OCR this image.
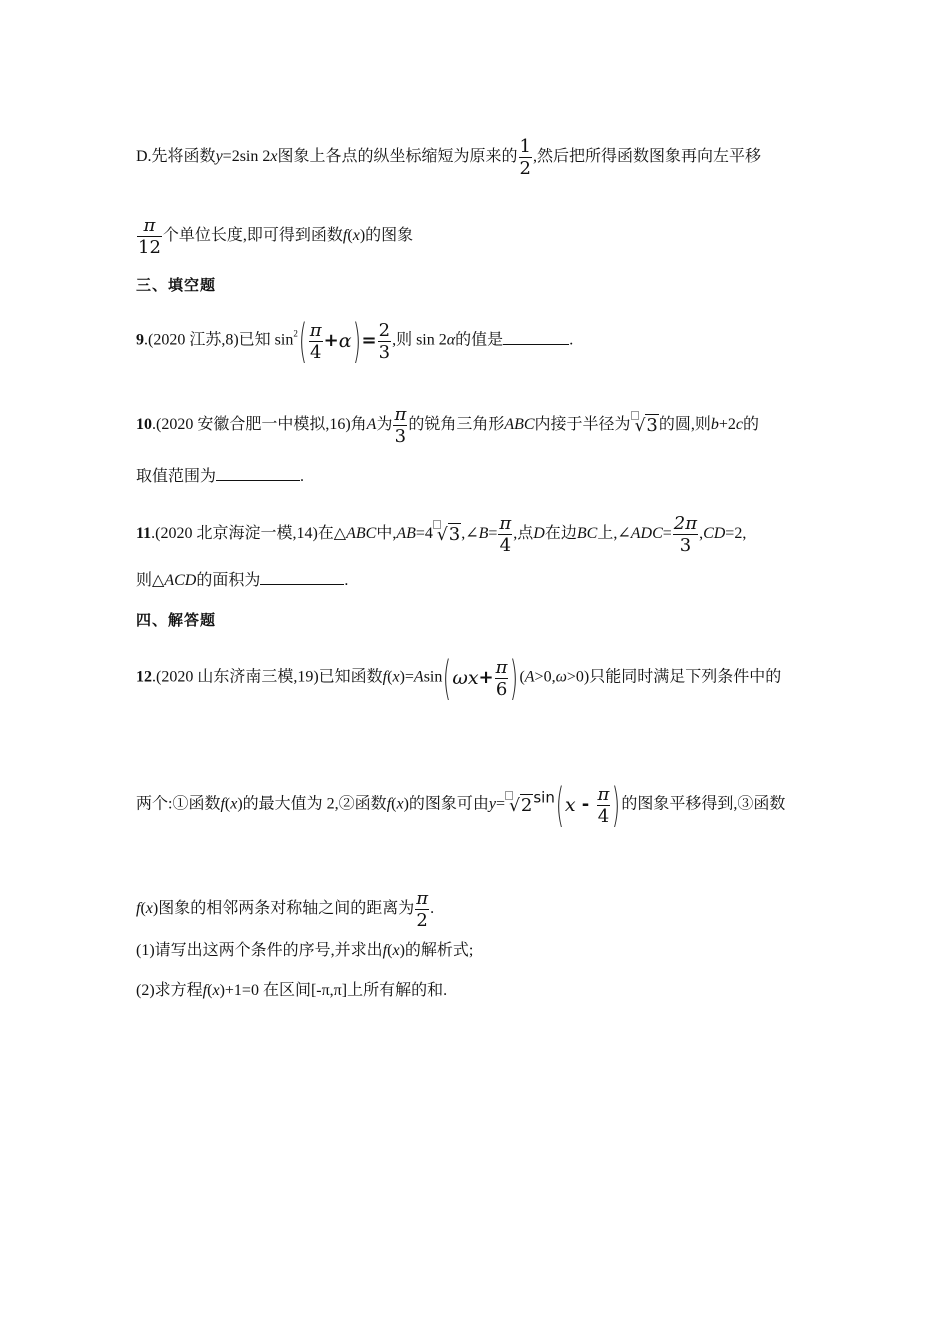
D.先将函数y=2sin 2x图象上各点的纵坐标缩短为原来的 $\frac{1}{2}$ ,然后把所得函数图象再向左平移
$\frac{\pi}{12}$ 个单位长度,即可得到函数f(x)的图象
三、填空题
9.(2020 江苏,8)已知 $\sin^2( \frac{\pi}{4} +\alpha)= \frac{2}{3}$ ,则 sin 2α的值是	.
10.(2020 安徽合肥一中模拟,16)角A为 $\frac{\pi}{3}$ 的锐角三角形ABC内接于半径为 √3的圆,则b+2c的
取值范围为	.
11.(2020 北京海淀一模,14)在△ABC中,AB=4 √3,∠B= $\frac{\pi}{4}$ ,点D在边BC上,∠ADC= $\frac{2\pi}{3} ,CD=2$,
则△ACD的面积为	.
四、解答题
12.(2020 山东济南三模,19)已知函数$f(x)=Asin(\omega x+ \frac{\pi}{6} )(A>0,\omega>0)$只能同时满足下列条件中的
两个:①函数f(x)的最大值为 2,②函数f(x)的图象可由$y= √2\sin(x - \frac{\pi}{4}$ )的图象平移得到,③函数
f(x)图象的相邻两条对称轴之间的距离为 $\frac{\pi}{2}$ .
(1)请写出这两个条件的序号,并求出f(x)的解析式;
(2)求方程f(x)+1=0 在区间[-π,π]上所有解的和.
